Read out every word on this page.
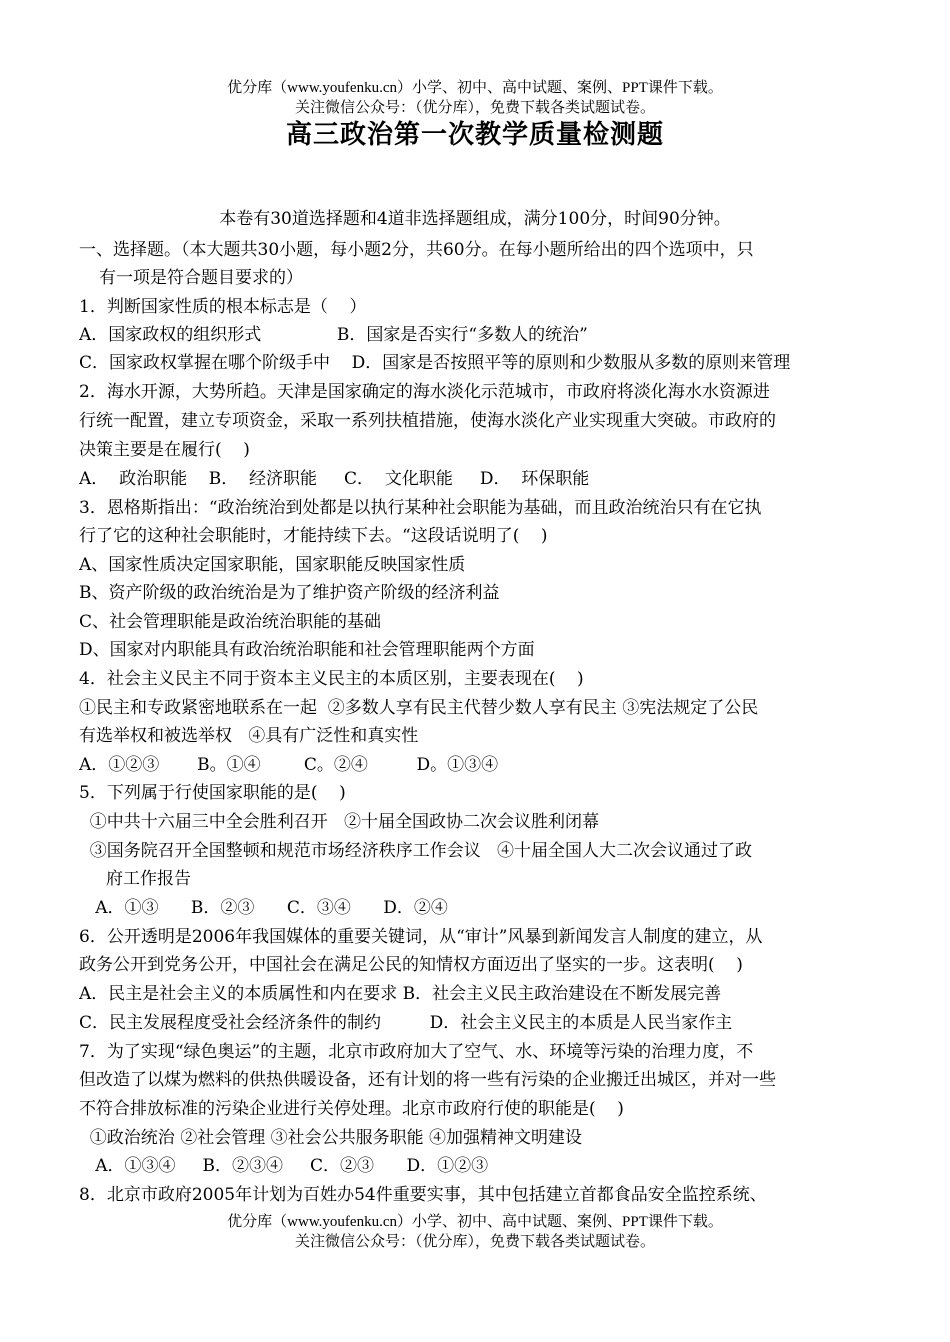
优分库（www.youfenku.cn）小学、初中、高中试题、案例、PPT课件下载。
关注微信公众号：（优分库），免费下载各类试题试卷。
高三政治第一次教学质量检测题
本卷有30道选择题和4道非选择题组成，满分100分，时间90分钟。
一、选择题。（本大题共30小题，每小题2分，共60分。在每小题所给出的四个选项中，只
有一项是符合题目要求的）
1．判断国家性质的根本标志是（    ）
A．国家政权的组织形式              B．国家是否实行“多数人的统治”
C．国家政权掌握在哪个阶级手中    D．国家是否按照平等的原则和少数服从多数的原则来管理
2．海水开源，大势所趋。天津是国家确定的海水淡化示范城市，市政府将淡化海水水资源进
行统一配置，建立专项资金，采取一系列扶植措施，使海水淡化产业实现重大突破。市政府的
决策主要是在履行(    )
A．  政治职能    B．  经济职能     C．  文化职能     D．  环保职能
3．恩格斯指出：“政治统治到处都是以执行某种社会职能为基础，而且政治统治只有在它执
行了它的这种社会职能时，才能持续下去。“这段话说明了(    )
A、国家性质决定国家职能，国家职能反映国家性质
B、资产阶级的政治统治是为了维护资产阶级的经济利益
C、社会管理职能是政治统治职能的基础
D、国家对内职能具有政治统治职能和社会管理职能两个方面
4．社会主义民主不同于资本主义民主的本质区别，主要表现在(    )
①民主和专政紧密地联系在一起  ②多数人享有民主代替少数人享有民主 ③宪法规定了公民
有选举权和被选举权   ④具有广泛性和真实性
A．①②③       B。①④        C。②④         D。①③④
5．下列属于行使国家职能的是(    )
①中共十六届三中全会胜利召开   ②十届全国政协二次会议胜利闭幕
③国务院召开全国整顿和规范市场经济秩序工作会议   ④十届全国人大二次会议通过了政
府工作报告
A．①③      B．②③      C．③④      D．②④
6．公开透明是2006年我国媒体的重要关键词，从“审计”风暴到新闻发言人制度的建立，从
政务公开到党务公开，中国社会在满足公民的知情权方面迈出了坚实的一步。这表明(    )
A．民主是社会主义的本质属性和内在要求 B．社会主义民主政治建设在不断发展完善
C．民主发展程度受社会经济条件的制约         D．社会主义民主的本质是人民当家作主
7．为了实现“绿色奥运”的主题，北京市政府加大了空气、水、环境等污染的治理力度，不
但改造了以煤为燃料的供热供暖设备，还有计划的将一些有污染的企业搬迁出城区，并对一些
不符合排放标准的污染企业进行关停处理。北京市政府行使的职能是(    )
①政治统治 ②社会管理 ③社会公共服务职能 ④加强精神文明建设
A．①③④     B．②③④     C．②③      D．①②③
8．北京市政府2005年计划为百姓办54件重要实事，其中包括建立首都食品安全监控系统、
优分库（www.youfenku.cn）小学、初中、高中试题、案例、PPT课件下载。
关注微信公众号：（优分库），免费下载各类试题试卷。
